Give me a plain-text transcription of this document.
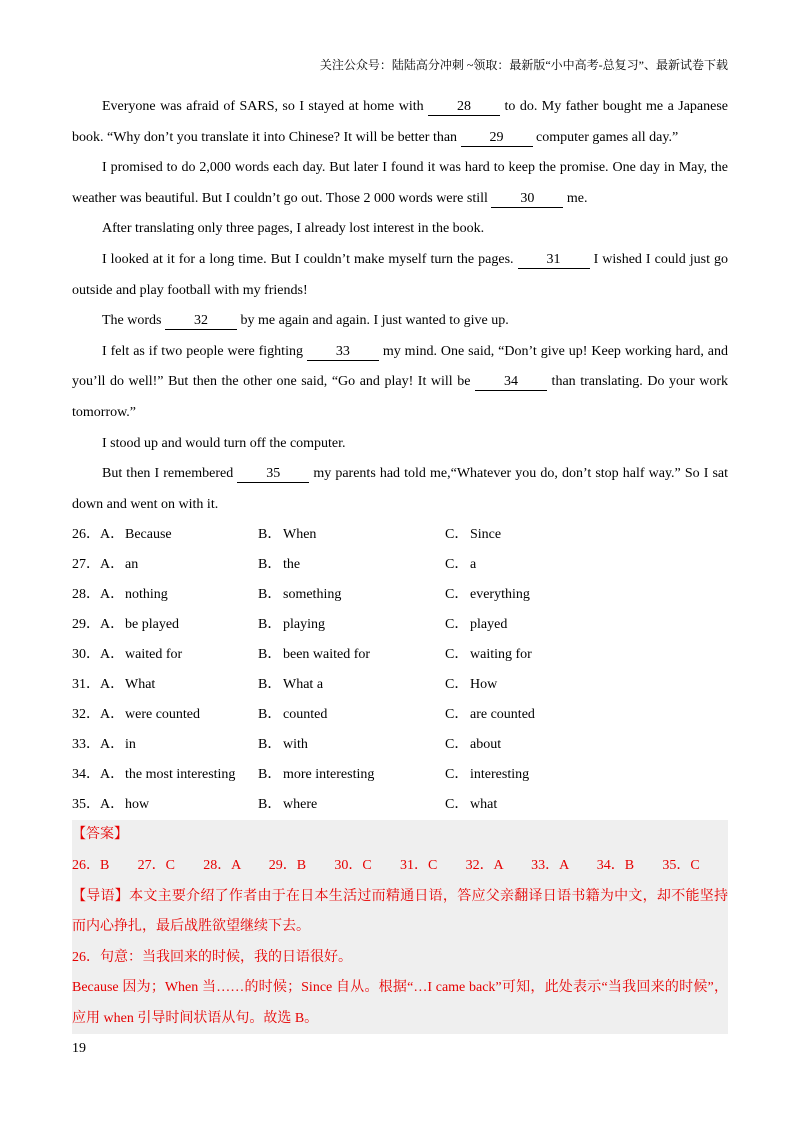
关注公众号：陆陆高分冲刺 ~领取：最新版“小中高考-总复习”、最新试卷下载

Everyone was afraid of SARS, so I stayed at home with 28 to do. My father bought me a Japanese book. “Why don’t you translate it into Chinese? It will be better than 29 computer games all day.”

I promised to do 2,000 words each day. But later I found it was hard to keep the promise. One day in May, the weather was beautiful. But I couldn’t go out. Those 2 000 words were still 30 me.

After translating only three pages, I already lost interest in the book.

I looked at it for a long time. But I couldn’t make myself turn the pages. 31 I wished I could just go outside and play football with my friends!

The words 32 by me again and again. I just wanted to give up.

I felt as if two people were fighting 33 my mind. One said, “Don’t give up! Keep working hard, and you’ll do well!” But then the other one said, “Go and play! It will be 34 than translating. Do your work tomorrow.”

I stood up and would turn off the computer.

But then I remembered 35 my parents had told me,“Whatever you do, don’t stop half way.” So I sat down and went on with it.

26． A． Because	B． When	C． Since
27． A． an	B． the	C． a
28． A． nothing	B． something	C． everything
29． A． be played	B． playing	C． played
30． A． waited for	B． been waited for	C． waiting for
31． A． What	B． What a	C． How
32． A． were counted	B． counted	C． are counted
33． A． in	B． with	C． about
34． A． the most interesting B． more interesting	C． interesting
35． A． how	B． where	C． what

【答案】

26．B	27．C	28．A	29．B	30．C	31．C	32．A	33．A	34．B	35．C

【导语】本文主要介绍了作者由于在日本生活过而精通日语，答应父亲翻译日语书籍为中文，却不能坚持而内心挣扎，最后战胜欲望继续下去。

26．句意：当我回来的时候，我的日语很好。

Because 因为；When 当……的时候；Since 自从。根据“…I came back”可知，此处表示“当我回来的时候”，应用 when 引导时间状语从句。故选 B。

19
